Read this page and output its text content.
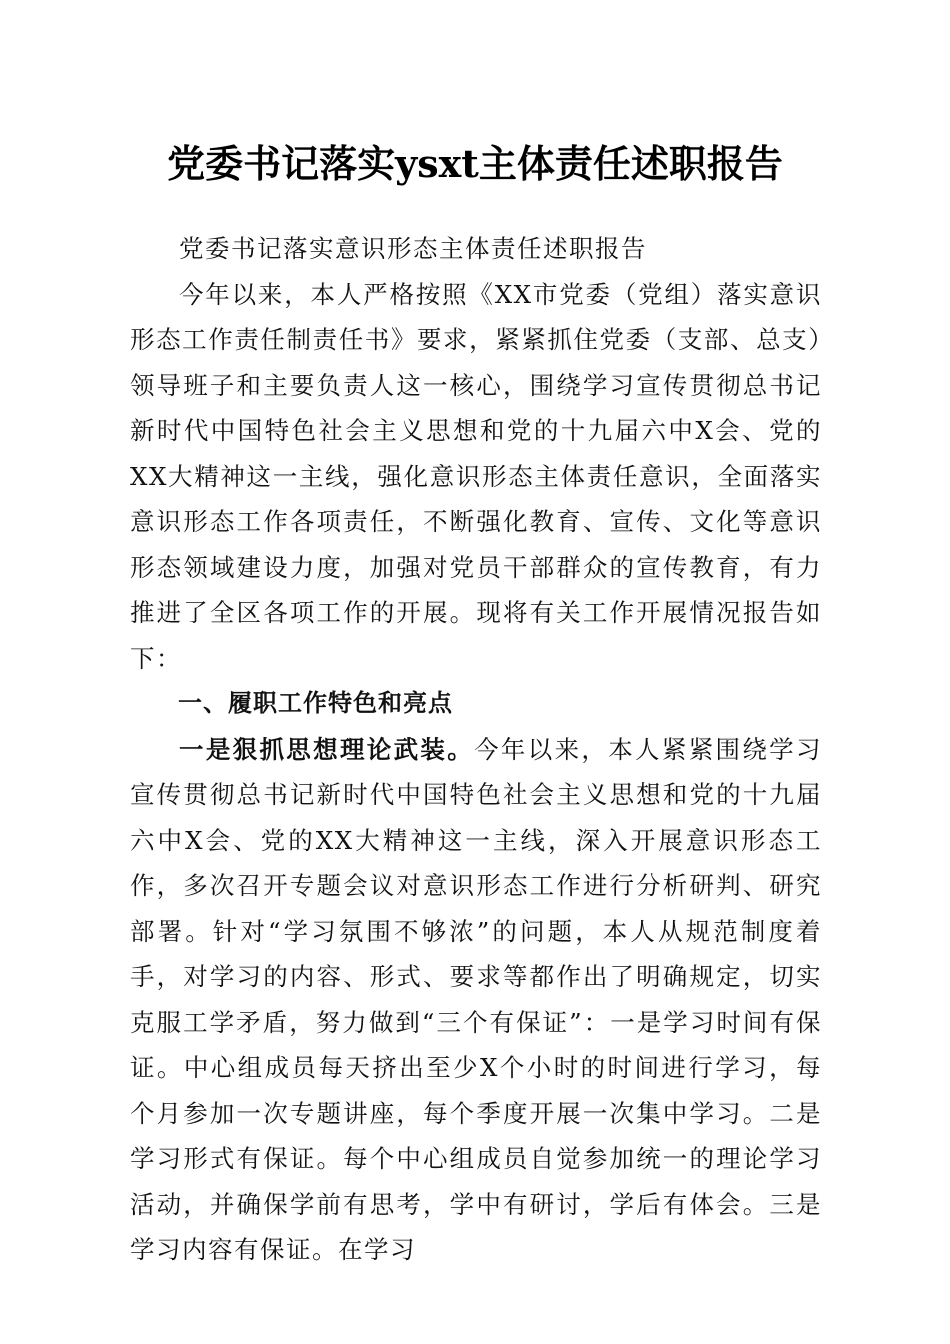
党委书记落实ysxt主体责任述职报告

党委书记落实意识形态主体责任述职报告

今年以来，本人严格按照《XX市党委（党组）落实意识形态工作责任制责任书》要求，紧紧抓住党委（支部、总支）领导班子和主要负责人这一核心，围绕学习宣传贯彻总书记新时代中国特色社会主义思想和党的十九届六中X会、党的XX大精神这一主线，强化意识形态主体责任意识，全面落实意识形态工作各项责任，不断强化教育、宣传、文化等意识形态领域建设力度，加强对党员干部群众的宣传教育，有力推进了全区各项工作的开展。现将有关工作开展情况报告如下：

一、履职工作特色和亮点

一是狠抓思想理论武装。今年以来，本人紧紧围绕学习宣传贯彻总书记新时代中国特色社会主义思想和党的十九届六中X会、党的XX大精神这一主线，深入开展意识形态工作，多次召开专题会议对意识形态工作进行分析研判、研究部署。针对“学习氛围不够浓”的问题，本人从规范制度着手，对学习的内容、形式、要求等都作出了明确规定，切实克服工学矛盾，努力做到“三个有保证”：一是学习时间有保证。中心组成员每天挤出至少X个小时的时间进行学习，每个月参加一次专题讲座，每个季度开展一次集中学习。二是学习形式有保证。每个中心组成员自觉参加统一的理论学习活动，并确保学前有思考，学中有研讨，学后有体会。三是学习内容有保证。在学习
